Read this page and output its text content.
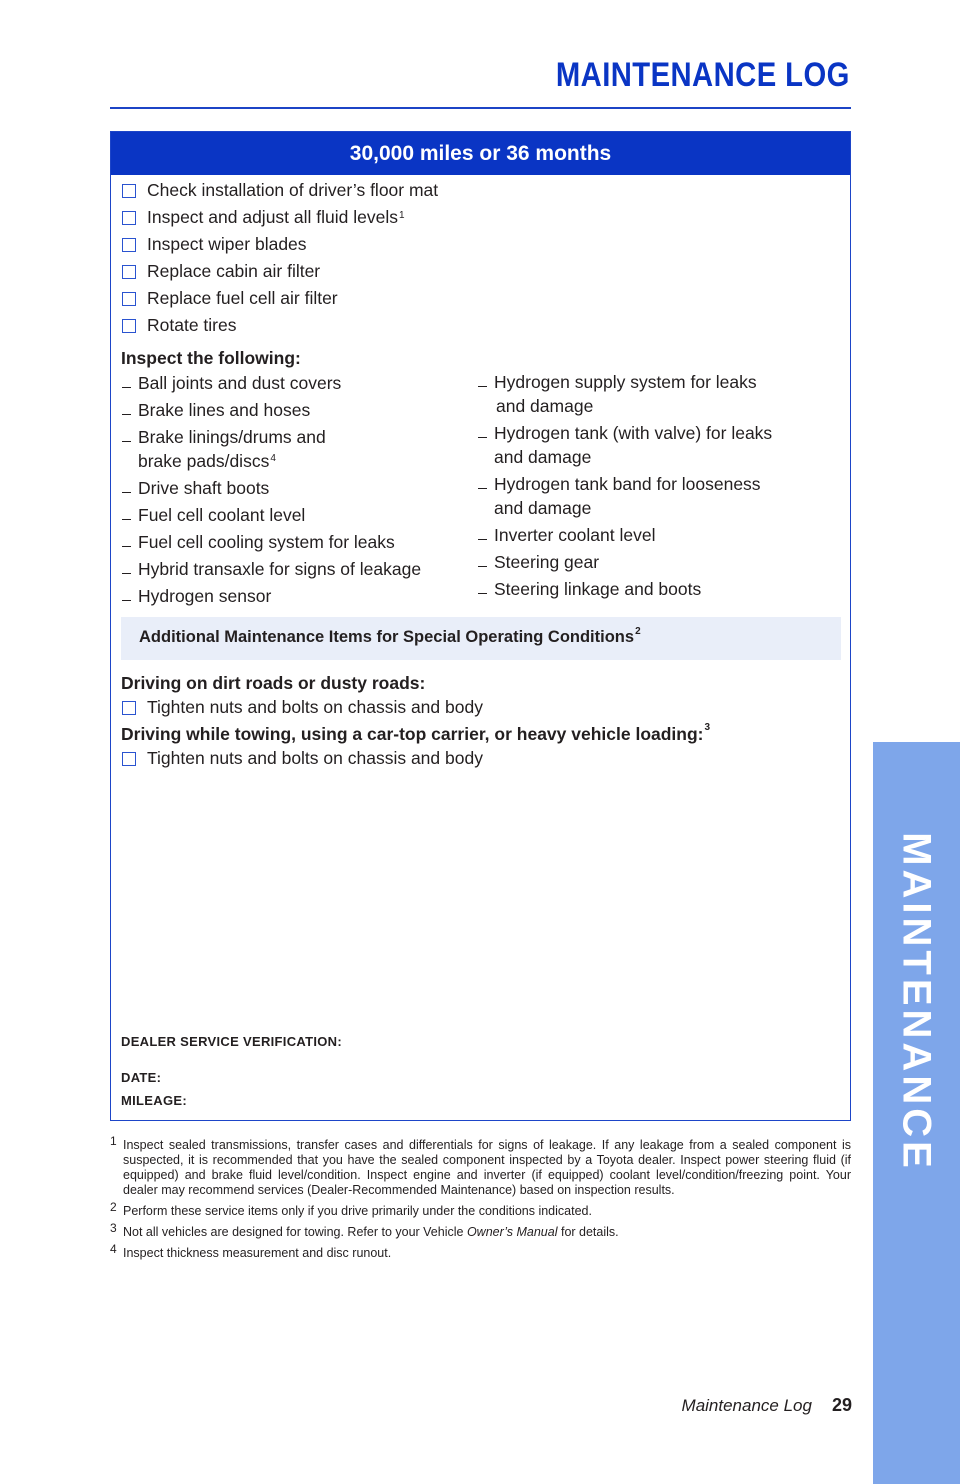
MAINTENANCE LOG
MAINTENANCE
30,000 miles or 36 months
Check installation of driver’s floor mat
Inspect and adjust all fluid levels 1
Inspect wiper blades
Replace cabin air filter
Replace fuel cell air filter
Rotate tires
Inspect the following:
Ball joints and dust covers
Brake lines and hoses
Brake linings/drums and
brake pads/discs$^4$
Drive shaft boots
Fuel cell coolant level
Fuel cell cooling system for leaks
Hybrid transaxle for signs of leakage
Hydrogen sensor
Hydrogen supply system for leaks
and damage
Hydrogen tank (with valve) for leaks
and damage
Hydrogen tank band for looseness
and damage
Inverter coolant level
Steering gear
Steering linkage and boots
Additional Maintenance Items for Special Operating Conditions$^2$
Driving on dirt roads or dusty roads:
Tighten nuts and bolts on chassis and body
Driving while towing, using a car-top carrier, or heavy vehicle loading:$^3$
Tighten nuts and bolts on chassis and body
DEALER SERVICE VERIFICATION:
DATE:
MILEAGE:
1 Inspect sealed transmissions, transfer cases and differentials for signs of leakage. If any leakage from a sealed component is suspected, it is recommended that you have the sealed component inspected by a Toyota dealer. Inspect power steering fluid (if equipped) and brake fluid level/condition. Inspect engine and inverter (if equipped) coolant level/condition/freezing point. Your dealer may recommend services (Dealer-Recommended Maintenance) based on inspection results.
2 Perform these service items only if you drive primarily under the conditions indicated.
3 Not all vehicles are designed for towing. Refer to your Vehicle Owner’s Manual for details.
4 Inspect thickness measurement and disc runout.
Maintenance Log 29
